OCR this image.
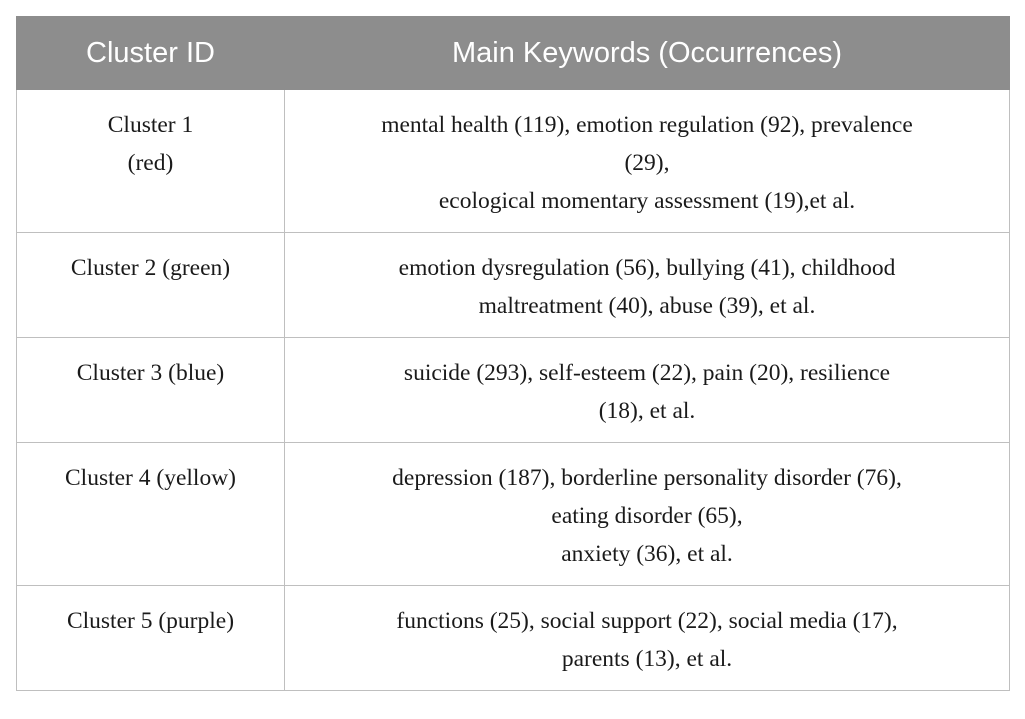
Cluster ID	Main Keywords (Occurrences)

Cluster 1
(red)	mental health (119), emotion regulation (92), prevalence
(29),
ecological momentary assessment (19),et al.

Cluster 2 (green)	emotion dysregulation (56), bullying (41), childhood
maltreatment (40), abuse (39), et al.

Cluster 3 (blue)	suicide (293), self-esteem (22), pain (20), resilience
(18), et al.

Cluster 4 (yellow)	depression (187), borderline personality disorder (76),
eating disorder (65),
anxiety (36), et al.

Cluster 5 (purple)	functions (25), social support (22), social media (17),
parents (13), et al.
